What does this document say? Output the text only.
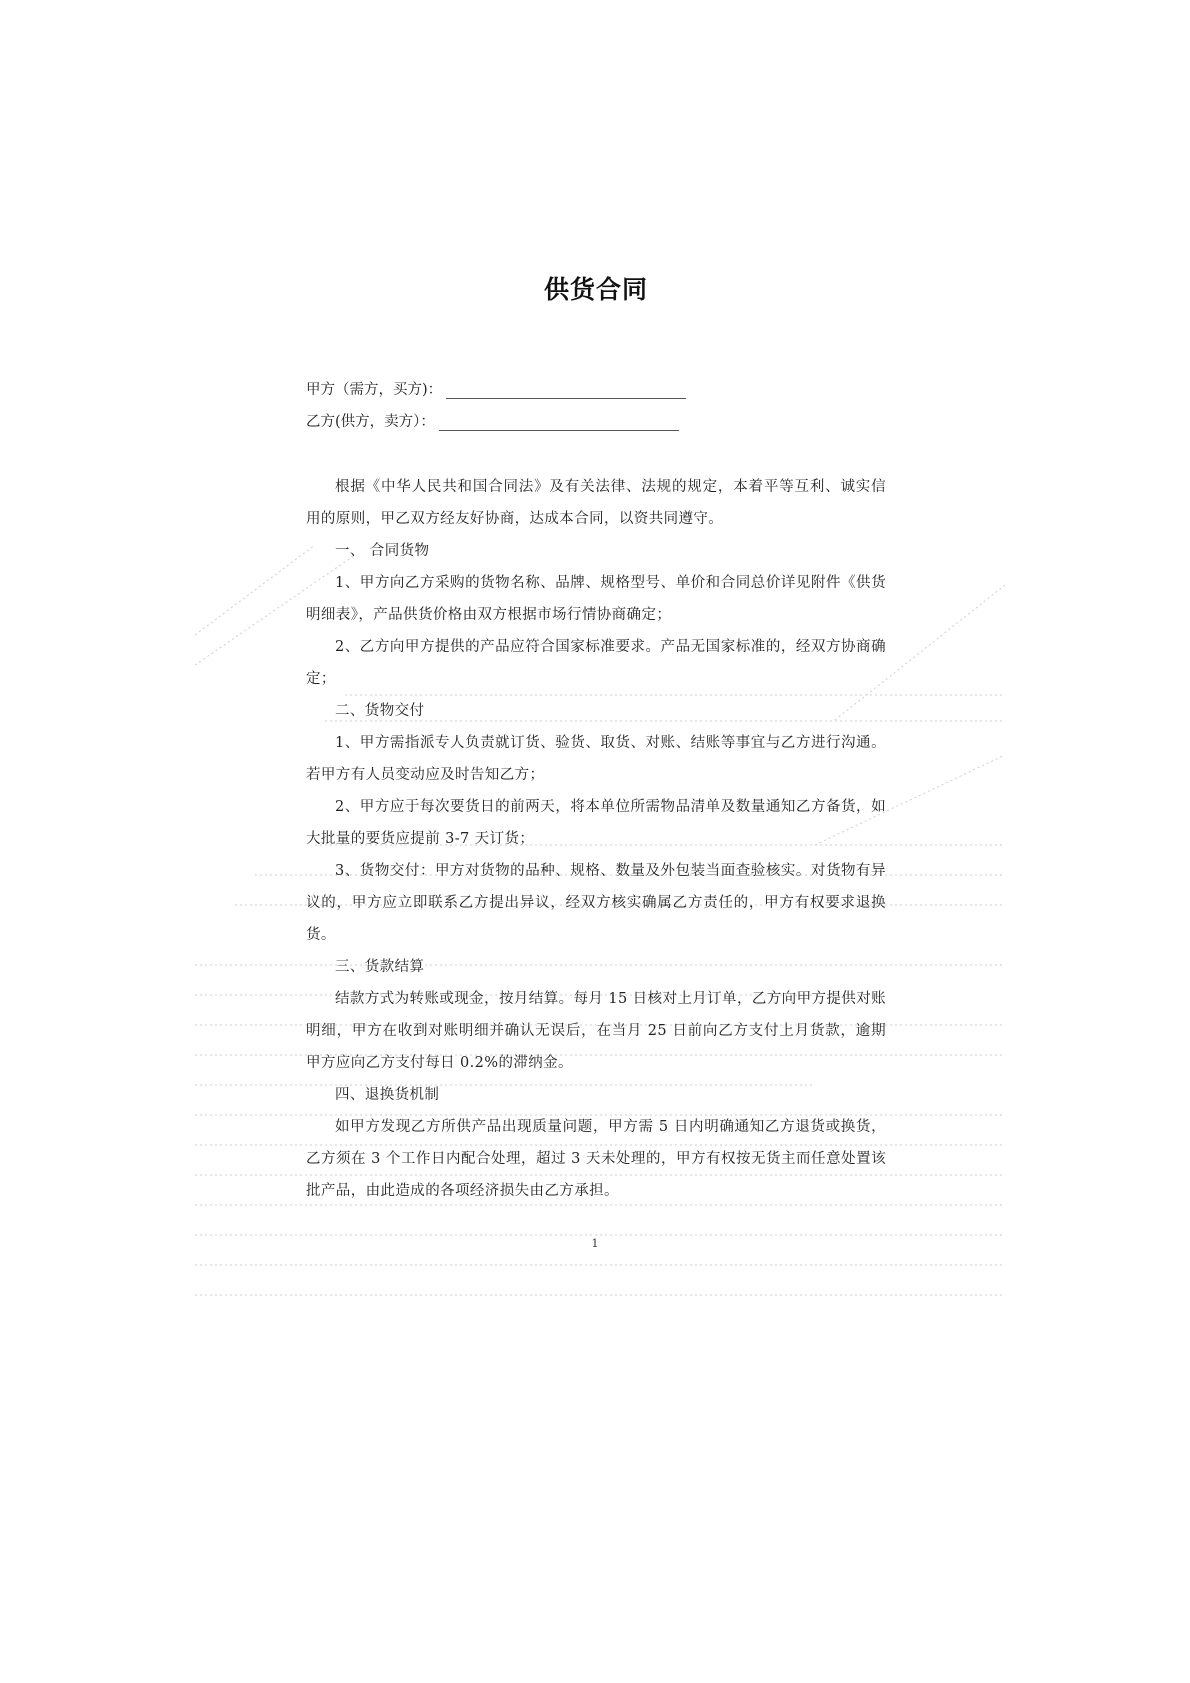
供货合同
甲方（需方，买方)：
乙方(供方，卖方）：

根据《中华人民共和国合同法》及有关法律、法规的规定，本着平等互利、诚实信用的原则，甲乙双方经友好协商，达成本合同，以资共同遵守。

一、 合同货物

1、甲方向乙方采购的货物名称、品牌、规格型号、单价和合同总价详见附件《供货明细表》，产品供货价格由双方根据市场行情协商确定；

2、乙方向甲方提供的产品应符合国家标准要求。产品无国家标准的，经双方协商确定；

二、货物交付

1、甲方需指派专人负责就订货、验货、取货、对账、结账等事宜与乙方进行沟通。若甲方有人员变动应及时告知乙方；

2、甲方应于每次要货日的前两天，将本单位所需物品清单及数量通知乙方备货，如大批量的要货应提前 3-7 天订货；

3、货物交付：甲方对货物的品种、规格、数量及外包装当面查验核实。对货物有异议的，甲方应立即联系乙方提出异议，经双方核实确属乙方责任的，甲方有权要求退换货。

三、货款结算

结款方式为转账或现金，按月结算。每月 15 日核对上月订单，乙方向甲方提供对账明细，甲方在收到对账明细并确认无误后，在当月 25 日前向乙方支付上月货款，逾期甲方应向乙方支付每日 0.2%的滞纳金。

四、退换货机制

如甲方发现乙方所供产品出现质量问题，甲方需 5 日内明确通知乙方退货或换货，乙方须在 3 个工作日内配合处理，超过 3 天未处理的，甲方有权按无货主而任意处置该批产品，由此造成的各项经济损失由乙方承担。

1
